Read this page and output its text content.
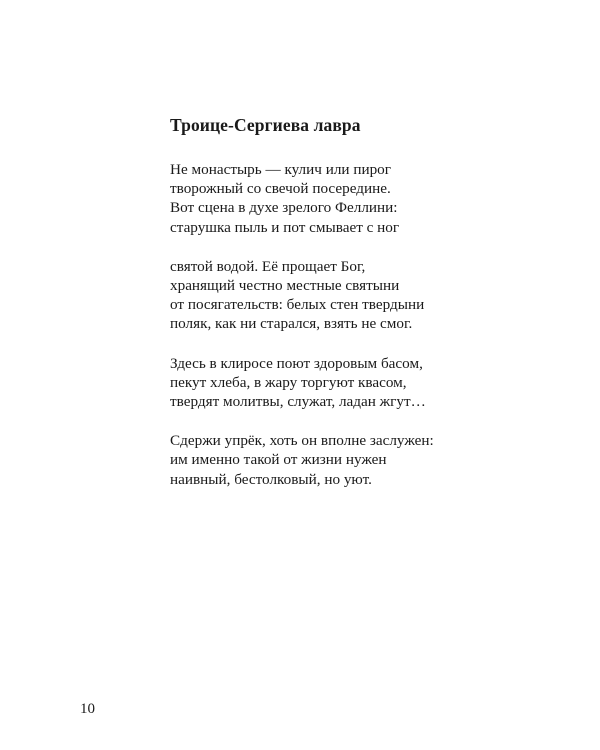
Троице-Сергиева лавра

Не монастырь — кулич или пирог
творожный со свечой посередине.
Вот сцена в духе зрелого Феллини:
старушка пыль и пот смывает с ног

святой водой. Её прощает Бог,
хранящий честно местные святыни
от посягательств: белых стен твердыни
поляк, как ни старался, взять не смог.

Здесь в клиросе поют здоровым басом,
пекут хлеба, в жару торгуют квасом,
твердят молитвы, служат, ладан жгут…

Сдержи упрёк, хоть он вполне заслужен:
им именно такой от жизни нужен
наивный, бестолковый, но уют.

10
